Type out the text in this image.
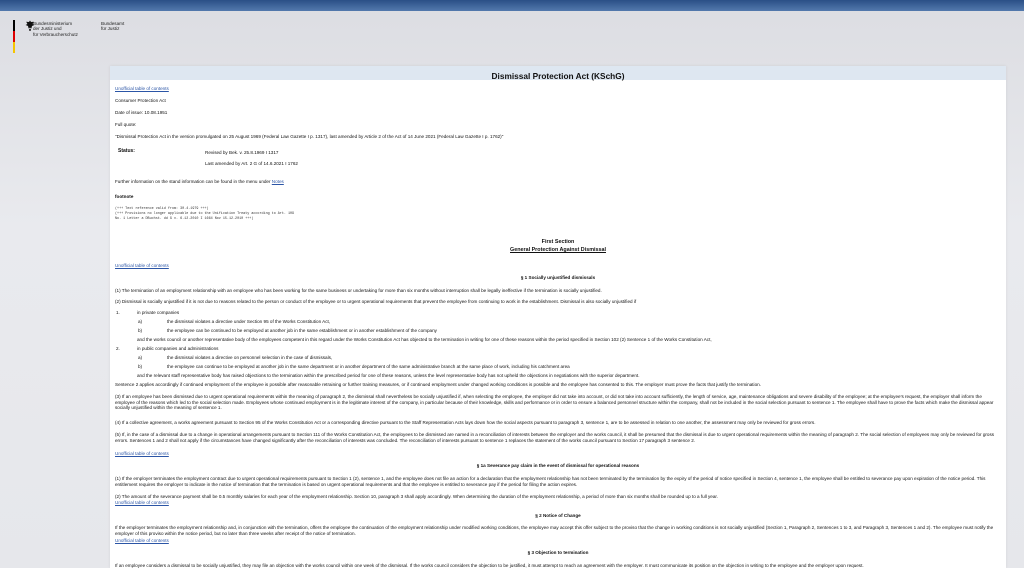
Bundesministerium
der Justiz und
für Verbraucherschutz
Bundesamt
für Justiz
Dismissal Protection Act (KSchG)
Unofficial table of contents
Consumer Protection Act
Date of issue: 10.08.1951
Full quote:
"Dismissal Protection Act in the version promulgated on 25 August 1969 (Federal Law Gazette I p. 1317), last amended by Article 2 of the Act of 14 June 2021 (Federal Law Gazette I p. 1762)"
Status:	Revised by Bek. v. 25.8.1969 I 1317
Last amended by Art. 2 G of 14.6.2021 I 1762
Further information on the stand information can be found in the menu under Notes
footnote
(+++ Text reference valid from: 30.4.1979 +++)
(+++ Provisions no longer applicable due to the Unification Treaty according to Art. 109
No. 1 Letter a DBuchst. dd G v. 6.12.2010 I 1664 Nov 15.12.2010 +++)
First Section
General Protection Against Dismissal
Unofficial table of contents
§ 1 Socially unjustified dismissals
(1) The termination of an employment relationship with an employee who has been working for the same business or undertaking for more than six months without interruption shall be legally ineffective if the termination is socially unjustified.
(2) Dismissal is socially unjustified if it is not due to reasons related to the person or conduct of the employee or to urgent operational requirements that prevent the employee from continuing to work in the establishment. Dismissal is also socially unjustified if
1.	in private companies
a)	the dismissal violates a directive under Section 95 of the Works Constitution Act,
b)	the employee can be continued to be employed at another job in the same establishment or in another establishment of the company
and the works council or another representative body of the employees competent in this regard under the Works Constitution Act has objected to the termination in writing for one of these reasons within the period specified in Section 102 (2) Sentence 1 of the Works Constitution Act,
2.	in public companies and administrations
a)	the dismissal violates a directive on personnel selection in the case of dismissals,
b)	the employee can continue to be employed at another job in the same department or in another department of the same administrative branch at the same place of work, including his catchment area
and the relevant staff representative body has raised objections to the termination within the prescribed period for one of these reasons, unless the level representative body has not upheld the objections in negotiations with the superior department.
Sentence 2 applies accordingly if continued employment of the employee is possible after reasonable retraining or further training measures, or if continued employment under changed working conditions is possible and the employee has consented to this. The employer must prove the facts that justify the termination.
(3) If an employee has been dismissed due to urgent operational requirements within the meaning of paragraph 2, the dismissal shall nevertheless be socially unjustified if, when selecting the employee, the employer did not take into account, or did not take into account sufficiently, the length of service, age, maintenance obligations and severe disability of the employee; at the employee's request, the employer shall inform the employee of the reasons which led to the social selection made. Employees whose continued employment is in the legitimate interest of the company, in particular because of their knowledge, skills and performance or in order to ensure a balanced personnel structure within the company, shall not be included in the social selection pursuant to sentence 1. The employee shall have to prove the facts which make the dismissal appear socially unjustified within the meaning of sentence 1.
(4) If a collective agreement, a works agreement pursuant to Section 95 of the Works Constitution Act or a corresponding directive pursuant to the Staff Representation Acts lays down how the social aspects pursuant to paragraph 3, sentence 1, are to be assessed in relation to one another, the assessment may only be reviewed for gross errors.
(5) If, in the case of a dismissal due to a change in operational arrangements pursuant to Section 111 of the Works Constitution Act, the employees to be dismissed are named in a reconciliation of interests between the employer and the works council, it shall be presumed that the dismissal is due to urgent operational requirements within the meaning of paragraph 2. The social selection of employees may only be reviewed for gross errors. Sentences 1 and 2 shall not apply if the circumstances have changed significantly after the reconciliation of interests was concluded. The reconciliation of interests pursuant to sentence 1 replaces the statement of the works council pursuant to Section 17 paragraph 3 sentence 2.
Unofficial table of contents
§ 1a Severance pay claim in the event of dismissal for operational reasons
(1) If the employer terminates the employment contract due to urgent operational requirements pursuant to Section 1 (2), sentence 1, and the employee does not file an action for a declaration that the employment relationship has not been terminated by the termination by the expiry of the period of notice specified in Section 4, sentence 1, the employee shall be entitled to severance pay upon expiration of the notice period. This entitlement requires the employer to indicate in the notice of termination that the termination is based on urgent operational requirements and that the employee is entitled to severance pay if the period for filing the action expires.
(2) The amount of the severance payment shall be 0.5 monthly salaries for each year of the employment relationship. Section 10, paragraph 3 shall apply accordingly. When determining the duration of the employment relationship, a period of more than six months shall be rounded up to a full year.
Unofficial table of contents
§ 2 Notice of Change
If the employer terminates the employment relationship and, in conjunction with the termination, offers the employee the continuation of the employment relationship under modified working conditions, the employee may accept this offer subject to the proviso that the change in working conditions is not socially unjustified (Section 1, Paragraph 2, Sentences 1 to 3, and Paragraph 3, Sentences 1 and 2). The employee must notify the employer of this proviso within the notice period, but no later than three weeks after receipt of the notice of termination.
Unofficial table of contents
§ 3 Objection to termination
If an employee considers a dismissal to be socially unjustified, they may file an objection with the works council within one week of the dismissal. If the works council considers the objection to be justified, it must attempt to reach an agreement with the employer. It must communicate its position on the objection in writing to the employee and the employer upon request.
